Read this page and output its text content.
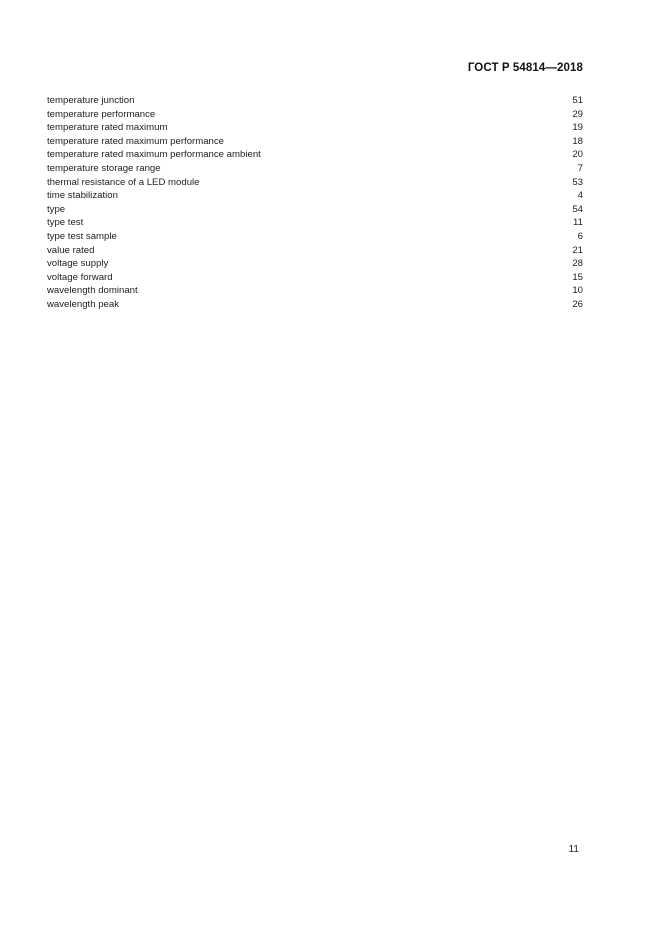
ГОСТ Р 54814—2018
temperature junction	51
temperature performance	29
temperature rated maximum	19
temperature rated maximum performance	18
temperature rated maximum performance ambient	20
temperature storage range	7
thermal resistance of a LED module	53
time stabilization	4
type	54
type test	11
type test sample	6
value rated	21
voltage supply	28
voltage forward	15
wavelength dominant	10
wavelength peak	26
11
